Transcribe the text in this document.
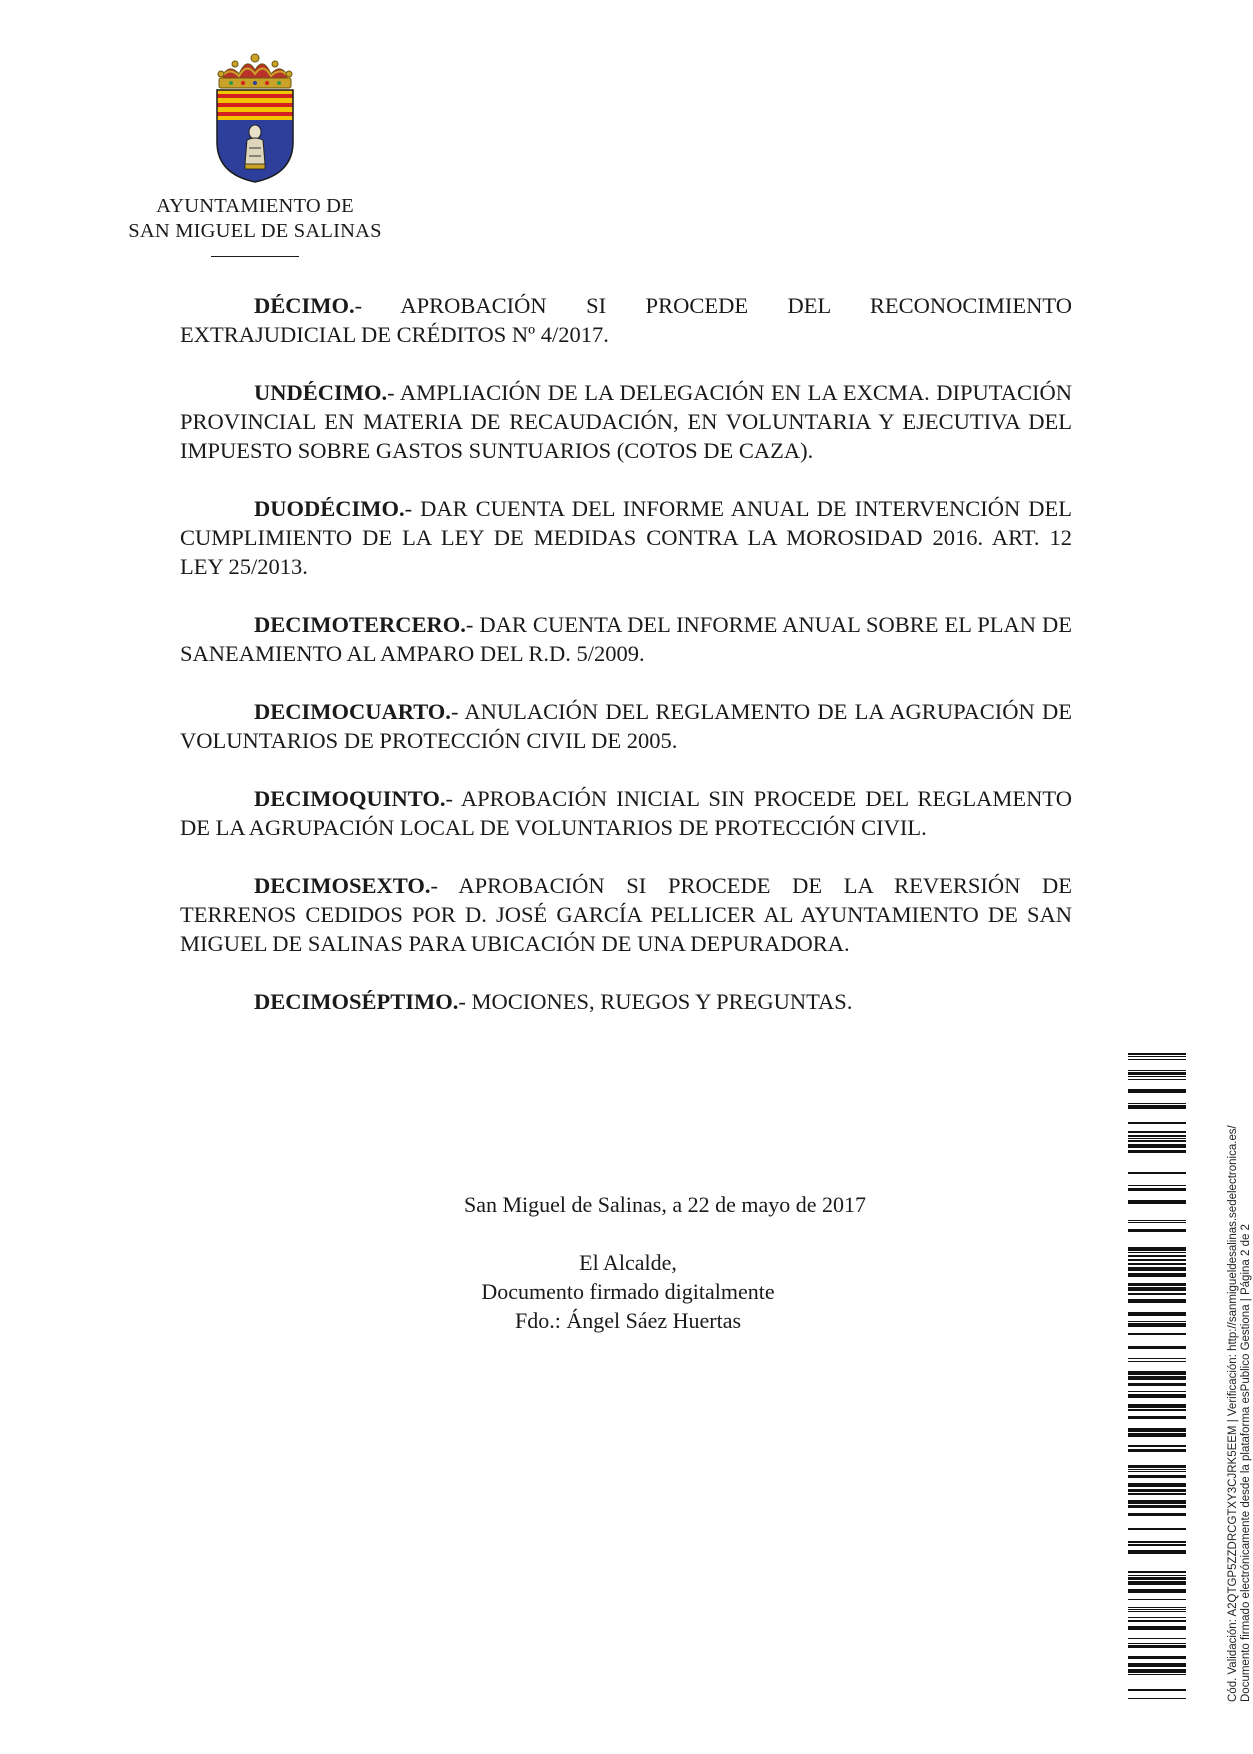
AYUNTAMIENTO DE
SAN MIGUEL DE SALINAS

DÉCIMO.- APROBACIÓN SI PROCEDE DEL RECONOCIMIENTO EXTRAJUDICIAL DE CRÉDITOS Nº 4/2017.

UNDÉCIMO.- AMPLIACIÓN DE LA DELEGACIÓN EN LA EXCMA. DIPUTACIÓN PROVINCIAL EN MATERIA DE RECAUDACIÓN, EN VOLUNTARIA Y EJECUTIVA DEL IMPUESTO SOBRE GASTOS SUNTUARIOS (COTOS DE CAZA).

DUODÉCIMO.- DAR CUENTA DEL INFORME ANUAL DE INTERVENCIÓN DEL CUMPLIMIENTO DE LA LEY DE MEDIDAS CONTRA LA MOROSIDAD 2016. ART. 12 LEY 25/2013.

DECIMOTERCERO.- DAR CUENTA DEL INFORME ANUAL SOBRE EL PLAN DE SANEAMIENTO AL AMPARO DEL R.D. 5/2009.

DECIMOCUARTO.- ANULACIÓN DEL REGLAMENTO DE LA AGRUPACIÓN DE VOLUNTARIOS DE PROTECCIÓN CIVIL DE 2005.

DECIMOQUINTO.- APROBACIÓN INICIAL SIN PROCEDE DEL REGLAMENTO DE LA AGRUPACIÓN LOCAL DE VOLUNTARIOS DE PROTECCIÓN CIVIL.

DECIMOSEXTO.- APROBACIÓN SI PROCEDE DE LA REVERSIÓN DE TERRENOS CEDIDOS POR D. JOSÉ GARCÍA PELLICER AL AYUNTAMIENTO DE SAN MIGUEL DE SALINAS PARA UBICACIÓN DE UNA DEPURADORA.

DECIMOSÉPTIMO.- MOCIONES, RUEGOS Y PREGUNTAS.

San Miguel de Salinas, a 22 de mayo de 2017
El Alcalde,
Documento firmado digitalmente
Fdo.: Ángel Sáez Huertas	Cód. Validación: A2QTGP5ZZDRCGTXY3CJRK5EEM | Verificación: http://sanmigueldesalinas.sedelectronica.es/ Documento firmado electrónicamente desde la plataforma esPublico Gestiona | Página 2 de 2
